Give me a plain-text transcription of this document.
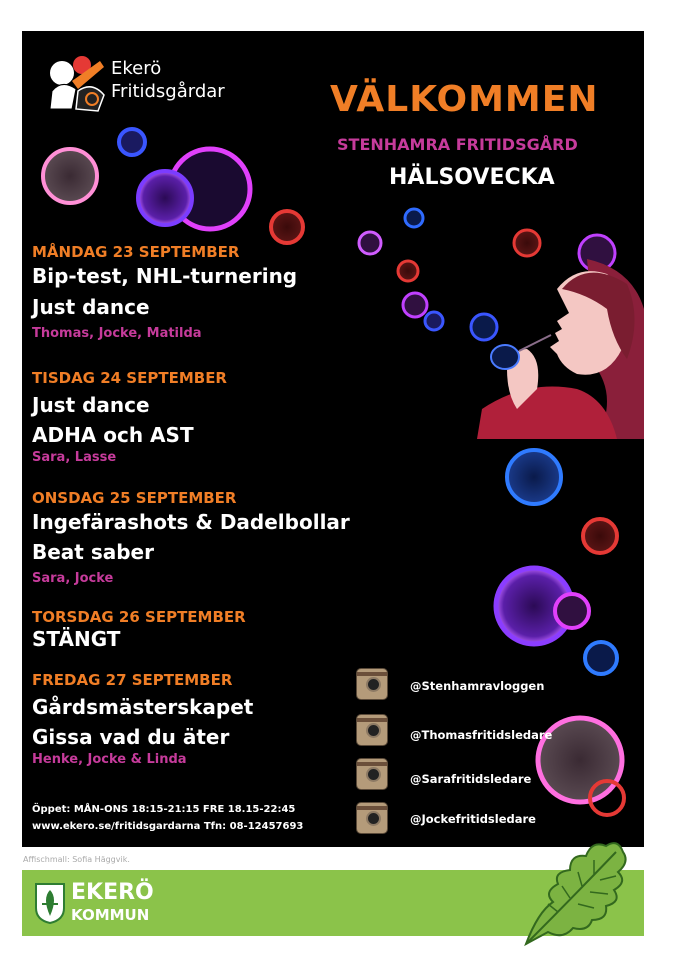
Ekerö
Fritidsgårdar	VÄLKOMMEN
STENHAMRA FRITIDSGÅRD
HÄLSOVECKA
MÅNDAG 23 SEPTEMBER
Bip-test, NHL-turnering
Just dance
Thomas, Jocke, Matilda
TISDAG 24 SEPTEMBER
Just dance
ADHA och AST
Sara, Lasse
ONSDAG 25 SEPTEMBER
Ingefärashots & Dadelbollar
Beat saber
Sara, Jocke
TORSDAG 26 SEPTEMBER
STÄNGT
FREDAG 27 SEPTEMBER
Gårdsmästerskapet
Gissa vad du äter
Henke, Jocke & Linda
Öppet: MÅN-ONS 18:15-21:15 FRE 18.15-22:45
www.ekero.se/fritidsgardarna Tfn: 08-12457693
@Stenhamravloggen
@Thomasfritidsledare
@Sarafritidsledare
@Jockefritidsledare
Affischmall: Sofia Häggvik.
EKERÖ
KOMMUN
